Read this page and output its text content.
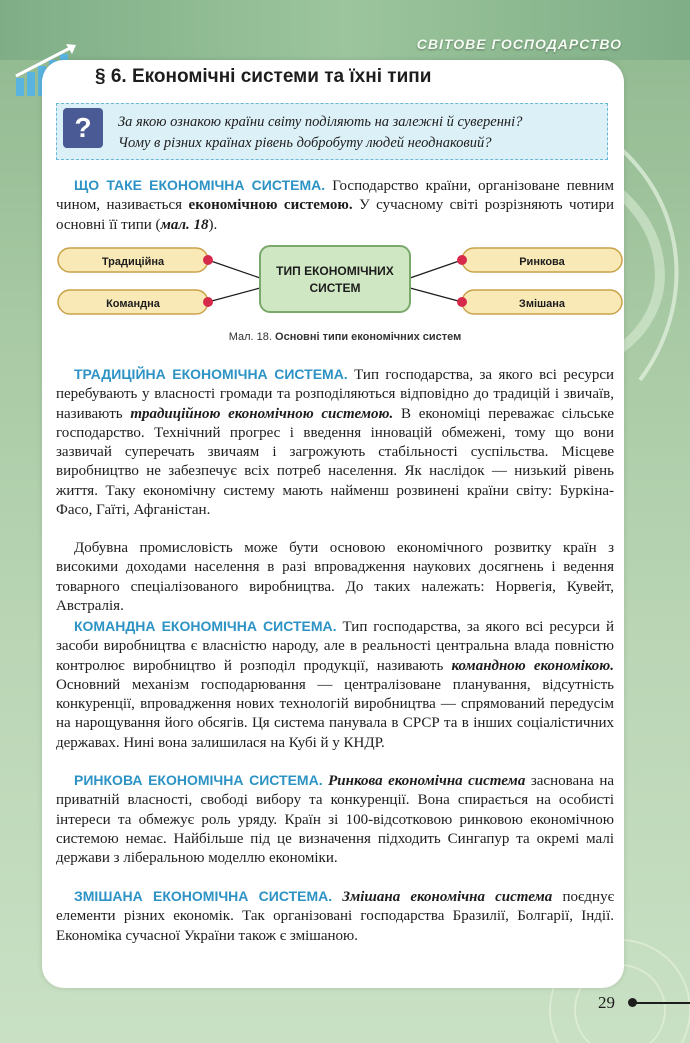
СВІТОВЕ ГОСПОДАРСТВО
§ 6. Економічні системи та їхні типи
?	За якою ознакою країни світу поділяють на залежні й суверенні?
Чому в різних країнах рівень добробуту людей неоднаковий?
ЩО ТАКЕ ЕКОНОМІЧНА СИСТЕМА. Господарство країни, організоване певним чином, називається економічною системою. У сучасному світі розрізняють чотири основні її типи (мал. 18).
Традиційна
Командна
Ринкова
Змішана
ТИП ЕКОНОМІЧНИХ
СИСТЕМ
Мал. 18. Основні типи економічних систем
ТРАДИЦІЙНА ЕКОНОМІЧНА СИСТЕМА. Тип господарства, за якого всі ресурси перебувають у власності громади та розподіляються відповідно до традицій і звичаїв, називають традиційною економічною системою. В економіці переважає сільське господарство. Технічний прогрес і введення інновацій обмежені, тому що вони зазвичай суперечать звичаям і загрожують стабільності суспільства. Місцеве виробництво не забезпечує всіх потреб населення. Як наслідок — низький рівень життя. Таку економічну систему мають найменш розвинені країни світу: Буркіна-Фасо, Гаїті, Афганістан.
Добувна промисловість може бути основою економічного розвитку країн з високими доходами населення в разі впровадження наукових досягнень і ведення товарного спеціалізованого виробництва. До таких належать: Норвегія, Кувейт, Австралія.
КОМАНДНА ЕКОНОМІЧНА СИСТЕМА. Тип господарства, за якого всі ресурси й засоби виробництва є власністю народу, але в реальності центральна влада повністю контролює виробництво й розподіл продукції, називають командною економікою. Основний механізм господарювання — централізоване планування, відсутність конкуренції, впровадження нових технологій виробництва — спрямований передусім на нарощування його обсягів. Ця система панувала в СРСР та в інших соціалістичних державах. Нині вона залишилася на Кубі й у КНДР.
РИНКОВА ЕКОНОМІЧНА СИСТЕМА. Ринкова економічна система заснована на приватній власності, свободі вибору та конкуренції. Вона спирається на особисті інтереси та обмежує роль уряду. Країн зі 100-відсотковою ринковою економічною системою немає. Найбільше під це визначення підходить Сингапур та окремі малі держави з ліберальною моделлю економіки.
ЗМІШАНА ЕКОНОМІЧНА СИСТЕМА. Змішана економічна система поєднує елементи різних економік. Так організовані господарства Бразилії, Болгарії, Індії. Економіка сучасної України також є змішаною.
29
